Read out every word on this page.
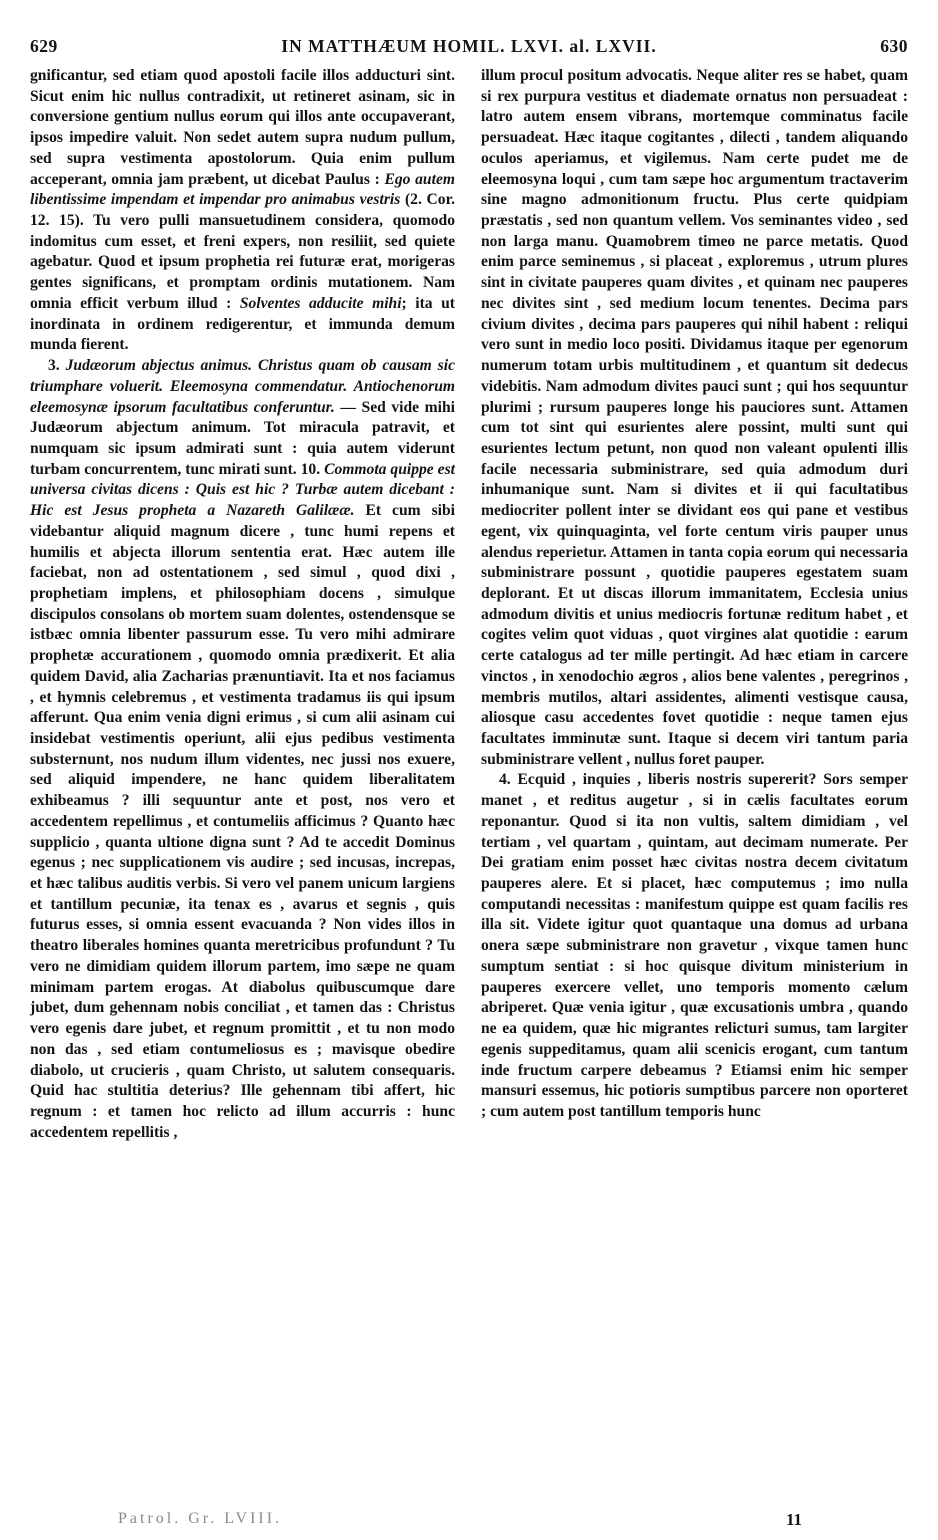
629	IN MATTHÆUM HOMIL. LXVI. al. LXVII.	630

gnificantur, sed etiam quod apostoli facile illos adducturi sint. Sicut enim hic nullus contradixit, ut retineret asinam, sic in conversione gentium nullus eorum qui illos ante occupaverant, ipsos impedire valuit. Non sedet autem supra nudum pullum, sed supra vestimenta apostolorum. Quia enim pullum acceperant, omnia jam præbent, ut dicebat Paulus : Ego autem libentissime impendam et impendar pro animabus vestris (2. Cor. 12. 15). Tu vero pulli mansuetudinem considera, quomodo indomitus cum esset, et freni expers, non resiliit, sed quiete agebatur. Quod et ipsum prophetia rei futuræ erat, morigeras gentes significans, et promptam ordinis mutationem. Nam omnia efficit verbum illud : Solventes adducite mihi; ita ut inordinata in ordinem redigerentur, et immunda demum munda fierent.

3. Judæorum abjectus animus. Christus quam ob causam sic triumphare voluerit. Eleemosyna commendatur. Antiochenorum eleemosynæ ipsorum facultatibus conferuntur. — Sed vide mihi Judæorum abjectum animum. Tot miracula patravit, et numquam sic ipsum admirati sunt : quia autem viderunt turbam concurrentem, tunc mirati sunt. 10. Commota quippe est universa civitas dicens : Quis est hic ? Turbæ autem dicebant : Hic est Jesus propheta a Nazareth Galilææ. Et cum sibi videbantur aliquid magnum dicere , tunc humi repens et humilis et abjecta illorum sententia erat. Hæc autem ille faciebat, non ad ostentationem , sed simul , quod dixi , prophetiam implens, et philosophiam docens , simulque discipulos consolans ob mortem suam dolentes, ostendensque se istbæc omnia libenter passurum esse. Tu vero mihi admirare prophetæ accurationem , quomodo omnia prædixerit. Et alia quidem David, alia Zacharias prænuntiavit. Ita et nos faciamus , et hymnis celebremus , et vestimenta tradamus iis qui ipsum afferunt. Qua enim venia digni erimus , si cum alii asinam cui insidebat vestimentis operiunt, alii ejus pedibus vestimenta substernunt, nos nudum illum videntes, nec jussi nos exuere, sed aliquid impendere, ne hanc quidem liberalitatem exhibeamus ? illi sequuntur ante et post, nos vero et accedentem repellimus , et contumeliis afficimus ? Quanto hæc supplicio , quanta ultione digna sunt ? Ad te accedit Dominus egenus ; nec supplicationem vis audire ; sed incusas, increpas, et hæc talibus auditis verbis. Si vero vel panem unicum largiens et tantillum pecuniæ, ita tenax es , avarus et segnis , quis futurus esses, si omnia essent evacuanda ? Non vides illos in theatro liberales homines quanta meretricibus profundunt ? Tu vero ne dimidiam quidem illorum partem, imo sæpe ne quam minimam partem erogas. At diabolus quibuscumque dare jubet, dum gehennam nobis conciliat , et tamen das : Christus vero egenis dare jubet, et regnum promittit , et tu non modo non das , sed etiam contumeliosus es ; mavisque obedire diabolo, ut crucieris , quam Christo, ut salutem consequaris. Quid hac stultitia deterius? Ille gehennam tibi affert, hic regnum : et tamen hoc relicto ad illum accurris : hunc accedentem repellitis ,

illum procul positum advocatis. Neque aliter res se habet, quam si rex purpura vestitus et diademate ornatus non persuadeat : latro autem ensem vibrans, mortemque comminatus facile persuadeat. Hæc itaque cogitantes , dilecti , tandem aliquando oculos aperiamus, et vigilemus. Nam certe pudet me de eleemosyna loqui , cum tam sæpe hoc argumentum tractaverim sine magno admonitionum fructu. Plus certe quidpiam præstatis , sed non quantum vellem. Vos seminantes video , sed non larga manu. Quamobrem timeo ne parce metatis. Quod enim parce seminemus , si placeat , exploremus , utrum plures sint in civitate pauperes quam divites , et quinam nec pauperes nec divites sint , sed medium locum tenentes. Decima pars civium divites , decima pars pauperes qui nihil habent : reliqui vero sunt in medio loco positi. Dividamus itaque per egenorum numerum totam urbis multitudinem , et quantum sit dedecus videbitis. Nam admodum divites pauci sunt ; qui hos sequuntur plurimi ; rursum pauperes longe his pauciores sunt. Attamen cum tot sint qui esurientes alere possint, multi sunt qui esurientes lectum petunt, non quod non valeant opulenti illis facile necessaria subministrare, sed quia admodum duri inhumanique sunt. Nam si divites et ii qui facultatibus mediocriter pollent inter se dividant eos qui pane et vestibus egent, vix quinquaginta, vel forte centum viris pauper unus alendus reperietur. Attamen in tanta copia eorum qui necessaria subministrare possunt , quotidie pauperes egestatem suam deplorant. Et ut discas illorum immanitatem, Ecclesia unius admodum divitis et unius mediocris fortunæ reditum habet , et cogites velim quot viduas , quot virgines alat quotidie : earum certe catalogus ad ter mille pertingit. Ad hæc etiam in carcere vinctos , in xenodochio ægros , alios bene valentes , peregrinos , membris mutilos, altari assidentes, alimenti vestisque causa, aliosque casu accedentes fovet quotidie : neque tamen ejus facultates imminutæ sunt. Itaque si decem viri tantum paria subministrare vellent , nullus foret pauper.

4. Ecquid , inquies , liberis nostris supererit? Sors semper manet , et reditus augetur , si in cælis facultates eorum reponantur. Quod si ita non vultis, saltem dimidiam , vel tertiam , vel quartam , quintam, aut decimam numerate. Per Dei gratiam enim posset hæc civitas nostra decem civitatum pauperes alere. Et si placet, hæc computemus ; imo nulla computandi necessitas : manifestum quippe est quam facilis res illa sit. Videte igitur quot quantaque una domus ad urbana onera sæpe subministrare non gravetur , vixque tamen hunc sumptum sentiat : si hoc quisque divitum ministerium in pauperes exercere vellet, uno temporis momento cælum abriperet. Quæ venia igitur , quæ excusationis umbra , quando ne ea quidem, quæ hic migrantes relicturi sumus, tam largiter egenis suppeditamus, quam alii scenicis erogant, cum tantum inde fructum carpere debeamus ? Etiamsi enim hic semper mansuri essemus, hic potioris sumptibus parcere non oporteret ; cum autem post tantillum temporis hunc

Patrol. Gr. LVIII.	11
